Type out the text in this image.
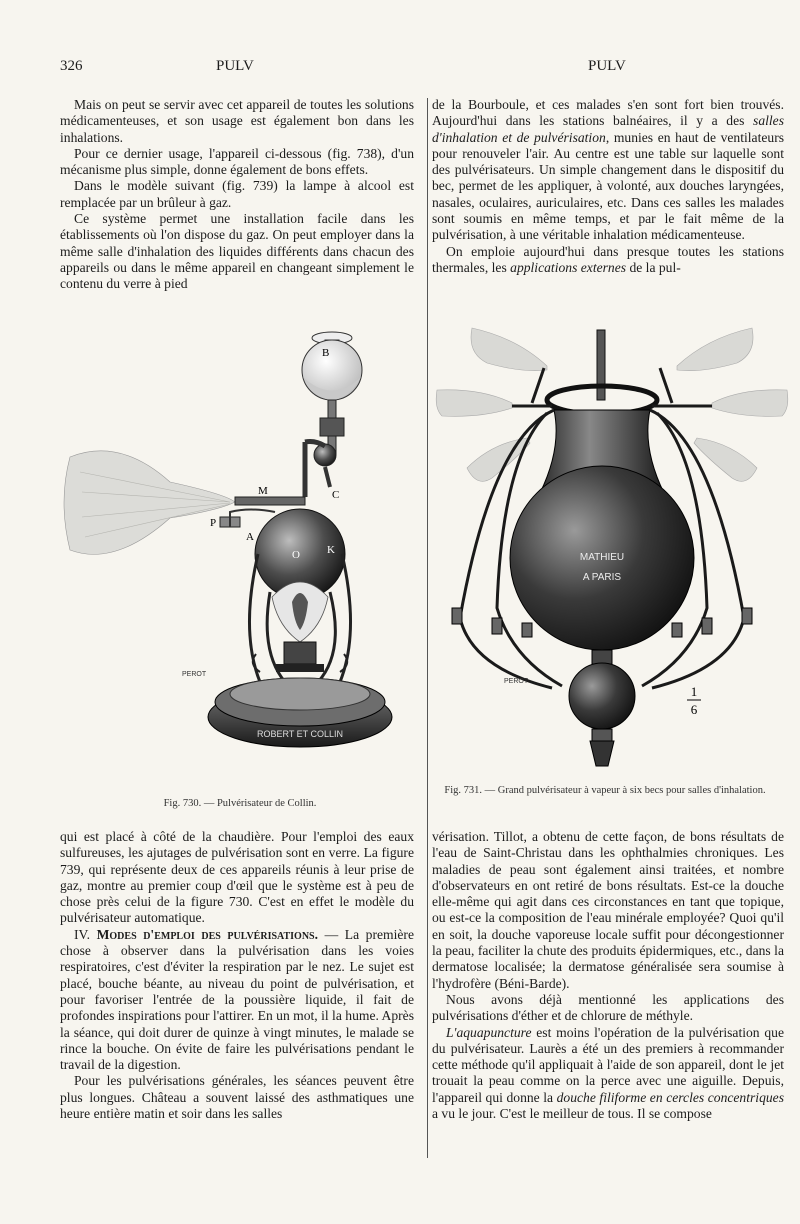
326	PULV	PULV

Mais on peut se servir avec cet appareil de toutes les solutions médicamenteuses, et son usage est également bon dans les inhalations.

Pour ce dernier usage, l'appareil ci-dessous (fig. 738), d'un mécanisme plus simple, donne également de bons effets.

Dans le modèle suivant (fig. 739) la lampe à alcool est remplacée par un brûleur à gaz.

Ce système permet une installation facile dans les établissements où l'on dispose du gaz. On peut employer dans la même salle d'inhalation des liquides différents dans chacun des appareils ou dans le même appareil en changeant simplement le contenu du verre à pied

B
C
M
P
A
O K
ROBERT ET COLLIN
PEROT
Fig. 730. — Pulvérisateur de Collin.

qui est placé à côté de la chaudière. Pour l'emploi des eaux sulfureuses, les ajutages de pulvérisation sont en verre. La figure 739, qui représente deux de ces appareils réunis à leur prise de gaz, montre au premier coup d'œil que le système est à peu de chose près celui de la figure 730. C'est en effet le modèle du pulvérisateur automatique.

IV. Modes d'emploi des pulvérisations. — La première chose à observer dans la pulvérisation dans les voies respiratoires, c'est d'éviter la respiration par le nez. Le sujet est placé, bouche béante, au niveau du point de pulvérisation, et pour favoriser l'entrée de la poussière liquide, il fait de profondes inspirations pour l'attirer. En un mot, il la hume. Après la séance, qui doit durer de quinze à vingt minutes, le malade se rince la bouche. On évite de faire les pulvérisations pendant le travail de la digestion.

Pour les pulvérisations générales, les séances peuvent être plus longues. Château a souvent laissé des asthmatiques une heure entière matin et soir dans les salles

de la Bourboule, et ces malades s'en sont fort bien trouvés. Aujourd'hui dans les stations balnéaires, il y a des salles d'inhalation et de pulvérisation, munies en haut de ventilateurs pour renouveler l'air. Au centre est une table sur laquelle sont des pulvérisateurs. Un simple changement dans le dispositif du bec, permet de les appliquer, à volonté, aux douches laryngées, nasales, oculaires, auriculaires, etc. Dans ces salles les malades sont soumis en même temps, et par le fait même de la pulvérisation, à une véritable inhalation médicamenteuse.

On emploie aujourd'hui dans presque toutes les stations thermales, les applications externes de la pul-

MATHIEU
A PARIS
1
6
PEROT
Fig. 731. — Grand pulvérisateur à vapeur à six becs pour salles d'inhalation.

vérisation. Tillot, a obtenu de cette façon, de bons résultats de l'eau de Saint-Christau dans les ophthalmies chroniques. Les maladies de peau sont également ainsi traitées, et nombre d'observateurs en ont retiré de bons résultats. Est-ce la douche elle-même qui agit dans ces circonstances en tant que topique, ou est-ce la composition de l'eau minérale employée? Quoi qu'il en soit, la douche vaporeuse locale suffit pour décongestionner la peau, faciliter la chute des produits épidermiques, etc., dans la dermatose localisée; la dermatose généralisée sera soumise à l'hydrofère (Béni-Barde).

Nous avons déjà mentionné les applications des pulvérisations d'éther et de chlorure de méthyle.

L'aquapuncture est moins l'opération de la pulvérisation que du pulvérisateur. Laurès a été un des premiers à recommander cette méthode qu'il appliquait à l'aide de son appareil, dont le jet trouait la peau comme on la perce avec une aiguille. Depuis, l'appareil qui donne la douche filiforme en cercles concentriques a vu le jour. C'est le meilleur de tous. Il se compose
